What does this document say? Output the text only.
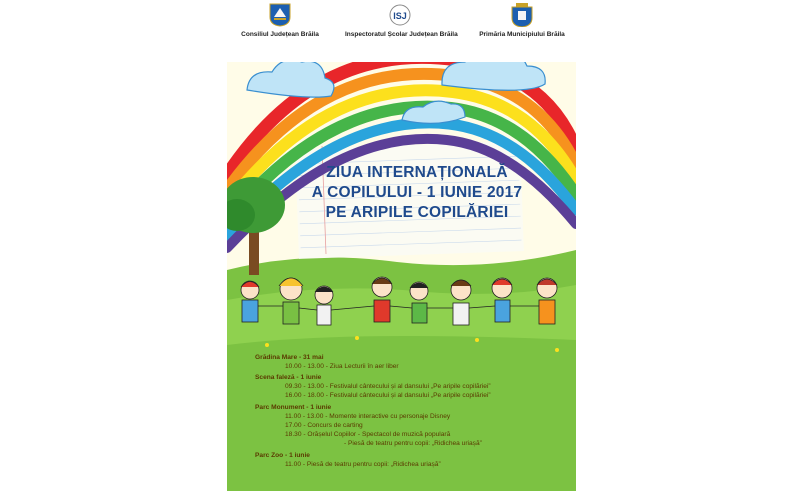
Consiliul Județean Brăila
ISJ
Inspectoratul Școlar Județean Brăila	Primăria Municipiului Brăila
ZIUA INTERNAȚIONALĂ
A COPILULUI - 1 IUNIE 2017
PE ARIPILE COPILĂRIEI
Grădina Mare - 31 mai
10.00 - 13.00 - Ziua Lecturii în aer liber
Scena faleză - 1 iunie
09.30 - 13.00 - Festivalul cântecului și al dansului „Pe aripile copilăriei”
16.00 - 18.00 - Festivalul cântecului și al dansului „Pe aripile copilăriei”
Parc Monument - 1 iunie
11.00 - 13.00 - Momente interactive cu personaje Disney
17.00 - Concurs de carting
18.30 - Orășelul Copiilor - Spectacol de muzică populară
- Piesă de teatru pentru copii: „Ridichea uriașă”
Parc Zoo - 1 iunie
11.00 - Piesă de teatru pentru copii: „Ridichea uriașă”
